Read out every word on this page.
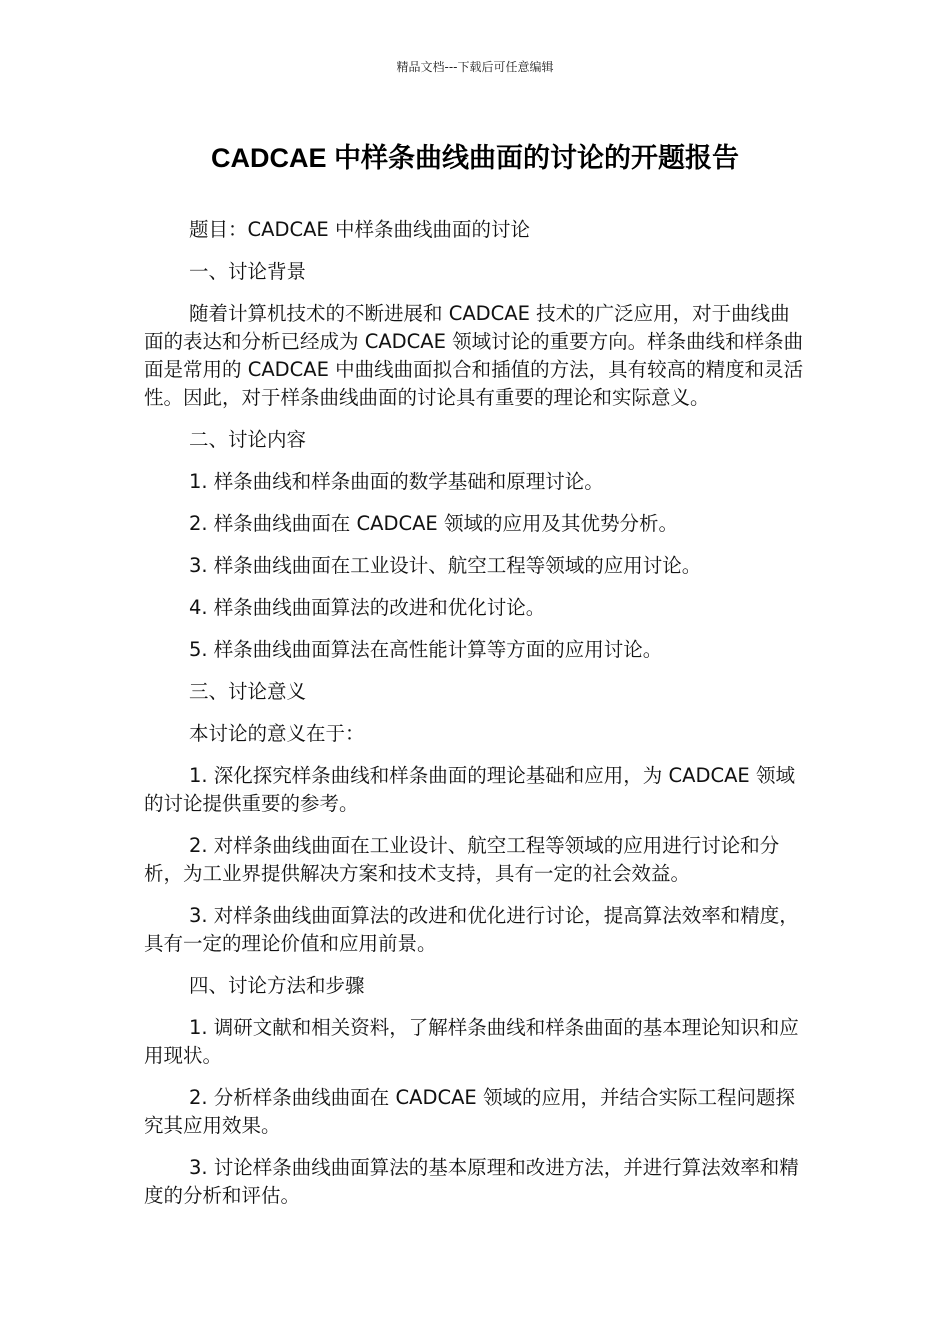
精品文档---下载后可任意编辑
CADCAE 中样条曲线曲面的讨论的开题报告

题目：CADCAE 中样条曲线曲面的讨论

一、讨论背景

随着计算机技术的不断进展和 CADCAE 技术的广泛应用，对于曲线曲面的表达和分析已经成为 CADCAE 领域讨论的重要方向。样条曲线和样条曲面是常用的 CADCAE 中曲线曲面拟合和插值的方法，具有较高的精度和灵活性。因此，对于样条曲线曲面的讨论具有重要的理论和实际意义。

二、讨论内容

1. 样条曲线和样条曲面的数学基础和原理讨论。

2. 样条曲线曲面在 CADCAE 领域的应用及其优势分析。

3. 样条曲线曲面在工业设计、航空工程等领域的应用讨论。

4. 样条曲线曲面算法的改进和优化讨论。

5. 样条曲线曲面算法在高性能计算等方面的应用讨论。

三、讨论意义

本讨论的意义在于：

1. 深化探究样条曲线和样条曲面的理论基础和应用，为 CADCAE 领域的讨论提供重要的参考。

2. 对样条曲线曲面在工业设计、航空工程等领域的应用进行讨论和分析，为工业界提供解决方案和技术支持，具有一定的社会效益。

3. 对样条曲线曲面算法的改进和优化进行讨论，提高算法效率和精度，具有一定的理论价值和应用前景。

四、讨论方法和步骤

1. 调研文献和相关资料，了解样条曲线和样条曲面的基本理论知识和应用现状。

2. 分析样条曲线曲面在 CADCAE 领域的应用，并结合实际工程问题探究其应用效果。

3. 讨论样条曲线曲面算法的基本原理和改进方法，并进行算法效率和精度的分析和评估。
